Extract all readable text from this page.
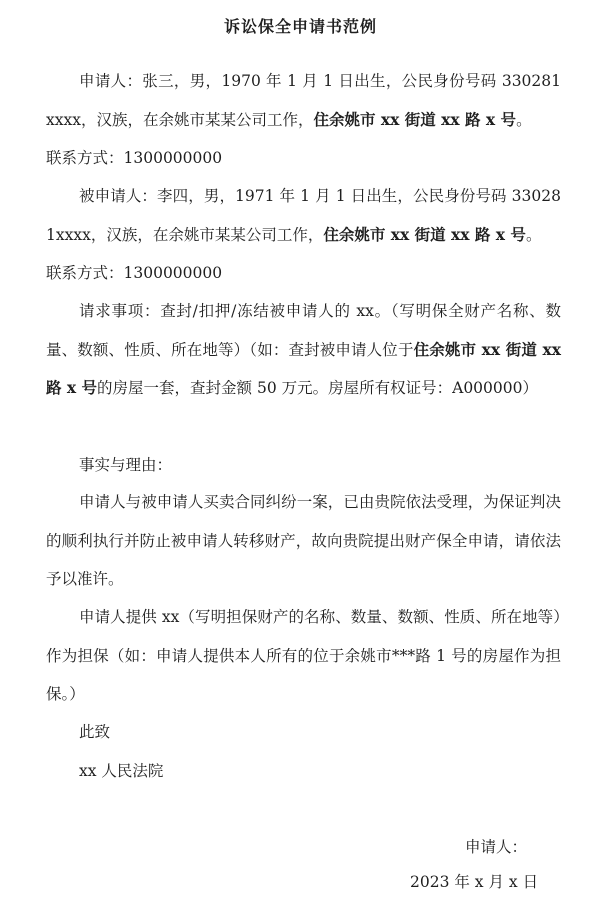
诉讼保全申请书范例

申请人：张三，男，1970 年 1 月 1 日出生，公民身份号码 330281xxxx，汉族，在余姚市某某公司工作，住余姚市 xx 街道 xx 路 x 号。

联系方式：1300000000

被申请人：李四，男，1971 年 1 月 1 日出生，公民身份号码 330281xxxx，汉族，在余姚市某某公司工作，住余姚市 xx 街道 xx 路 x 号。

联系方式：1300000000

请求事项：查封/扣押/冻结被申请人的 xx。（写明保全财产名称、数量、数额、性质、所在地等）（如：查封被申请人位于住余姚市 xx 街道 xx 路 x 号的房屋一套，查封金额 50 万元。房屋所有权证号：A000000）

事实与理由：

申请人与被申请人买卖合同纠纷一案，已由贵院依法受理，为保证判决的顺利执行并防止被申请人转移财产，故向贵院提出财产保全申请，请依法予以准许。

申请人提供 xx（写明担保财产的名称、数量、数额、性质、所在地等）作为担保（如：申请人提供本人所有的位于余姚市***路 1 号的房屋作为担保。）

此致
xx 人民法院
申请人：
2023 年 x 月 x 日
